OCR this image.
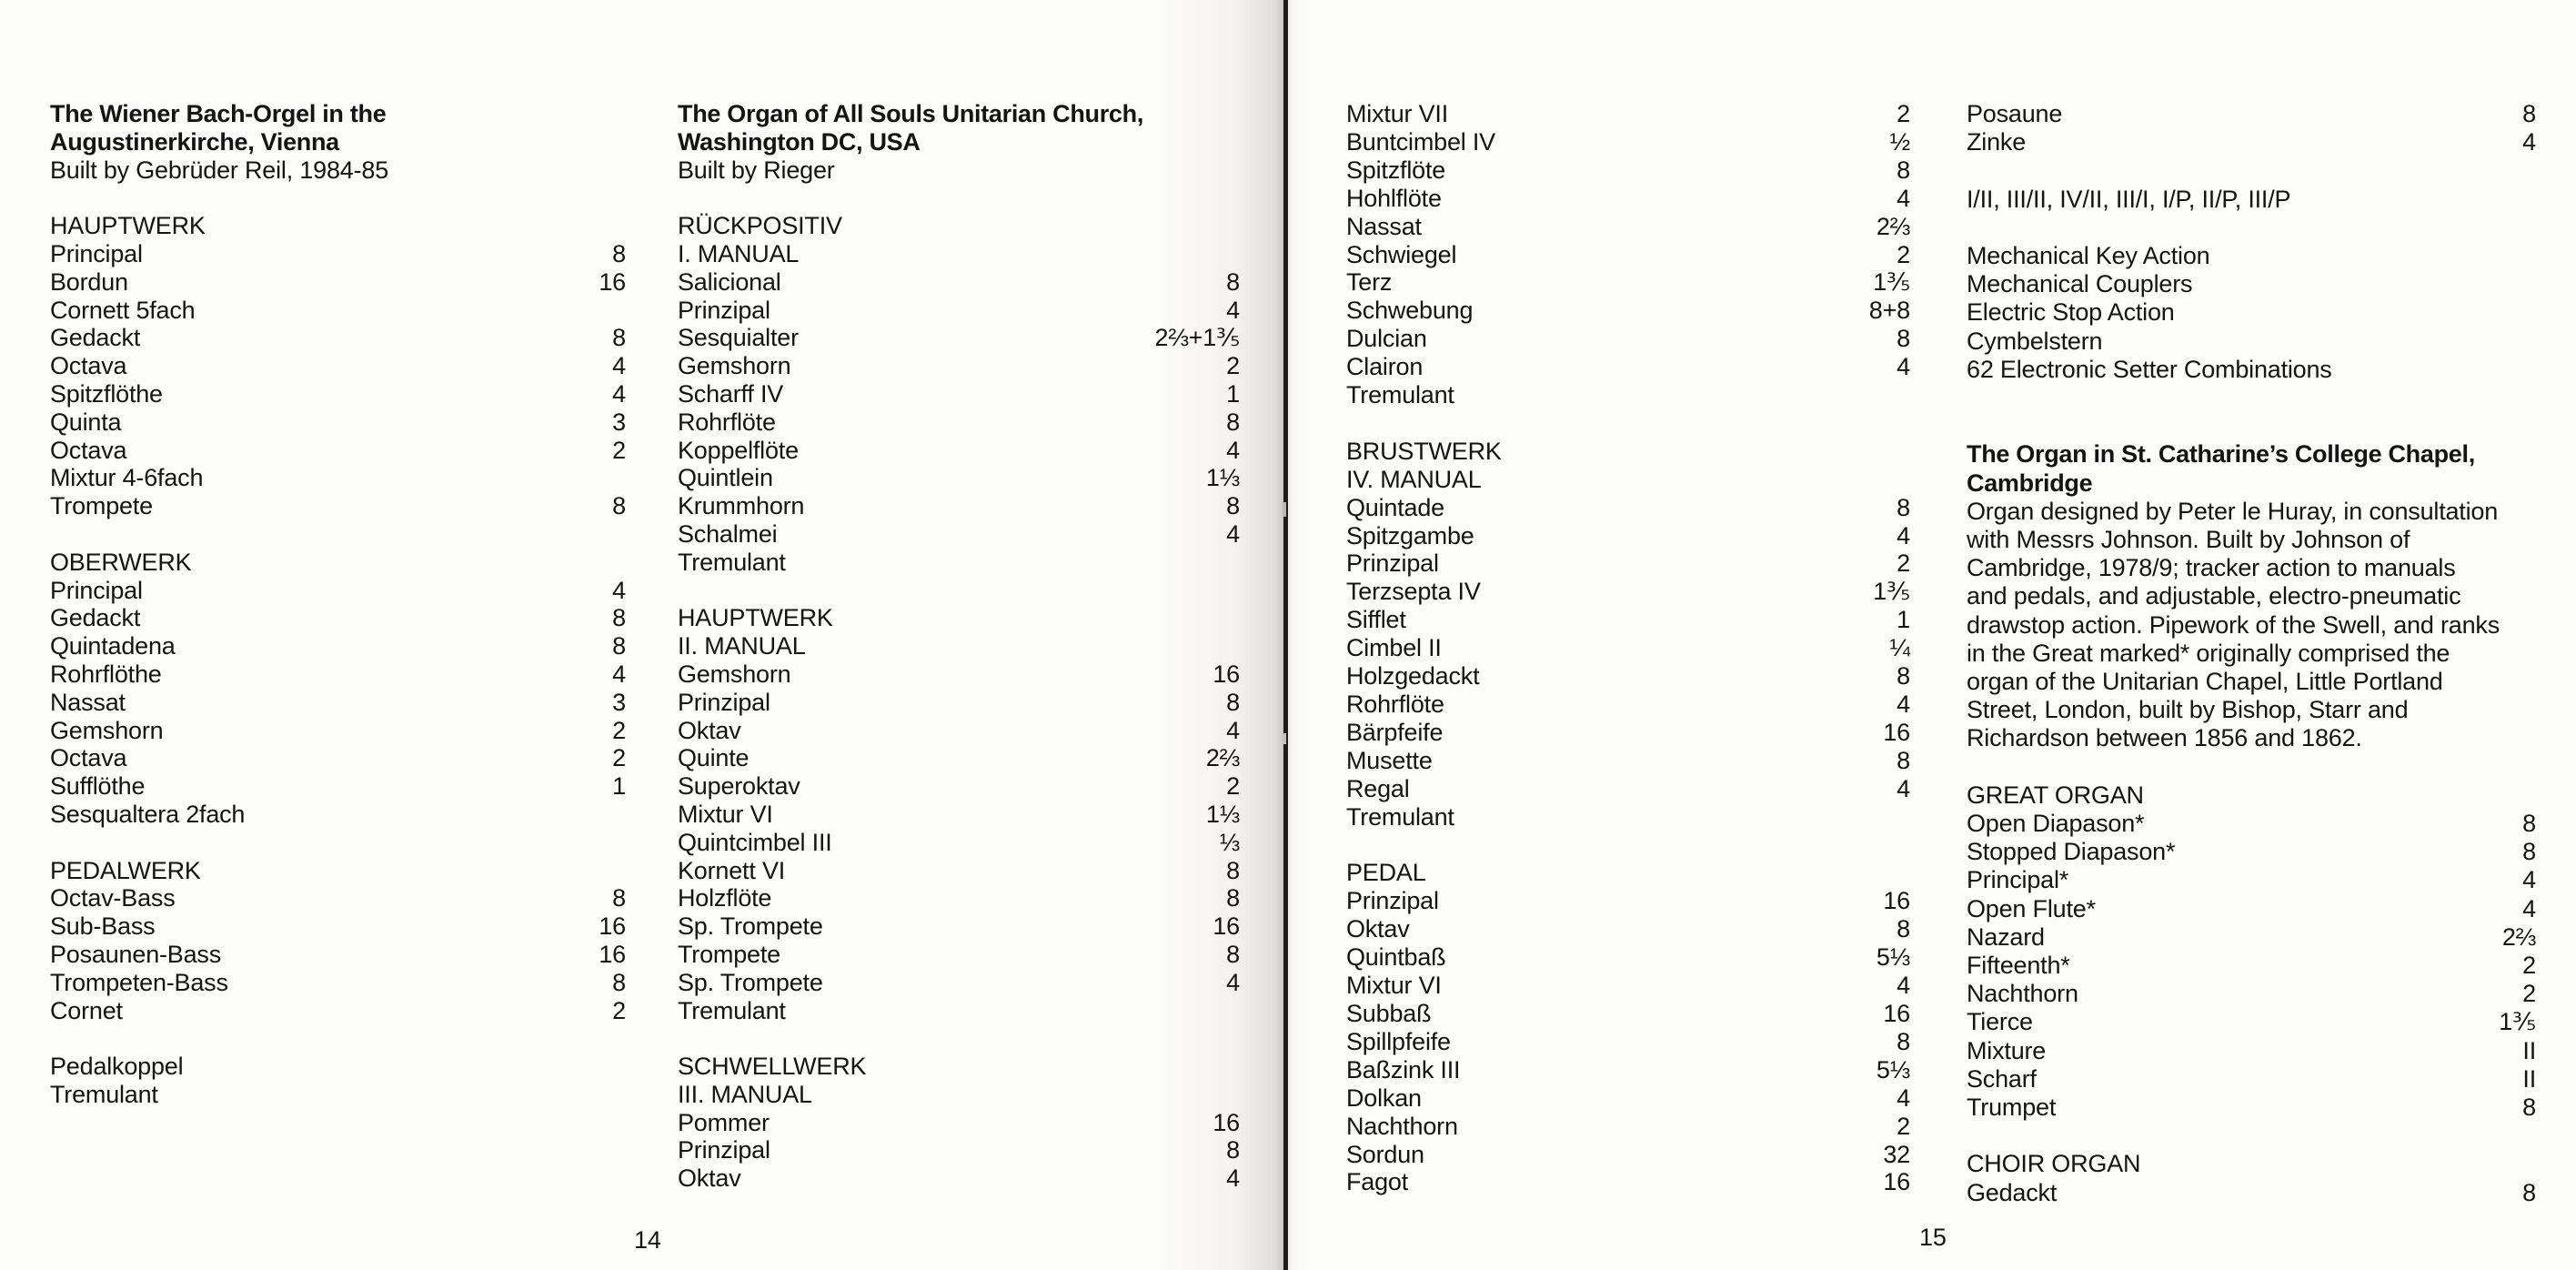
The Wiener Bach-Orgel in the
Augustinerkirche, Vienna
Built by Gebrüder Reil, 1984-85
HAUPTWERK
Principal	8
Bordun	16
Cornett 5fach
Gedackt	8
Octava	4
Spitzflöthe	4
Quinta	3
Octava	2
Mixtur 4-6fach
Trompete	8
OBERWERK
Principal	4
Gedackt	8
Quintadena	8
Rohrflöthe	4
Nassat	3
Gemshorn	2
Octava	2
Sufflöthe	1
Sesqualtera 2fach
PEDALWERK
Octav-Bass	8
Sub-Bass	16
Posaunen-Bass	16
Trompeten-Bass	8
Cornet	2
Pedalkoppel
Tremulant
The Organ of All Souls Unitarian Church,
Washington DC, USA
Built by Rieger
RÜCKPOSITIV
I. MANUAL
Salicional	8
Prinzipal	4
Sesquialter	2⅔+1⅗
Gemshorn	2
Scharff IV	1
Rohrflöte	8
Koppelflöte	4
Quintlein	1⅓
Krummhorn	8
Schalmei	4
Tremulant
HAUPTWERK
II. MANUAL
Gemshorn	16
Prinzipal	8
Oktav	4
Quinte	2⅔
Superoktav	2
Mixtur VI	1⅓
Quintcimbel III	⅓
Kornett VI	8
Holzflöte	8
Sp. Trompete	16
Trompete	8
Sp. Trompete	4
Tremulant
SCHWELLWERK
III. MANUAL
Pommer	16
Prinzipal	8
Oktav	4
Mixtur VII	2
Buntcimbel IV	½
Spitzflöte	8
Hohlflöte	4
Nassat	2⅔
Schwiegel	2
Terz	1⅗
Schwebung	8+8
Dulcian	8
Clairon	4
Tremulant
BRUSTWERK
IV. MANUAL
Quintade	8
Spitzgambe	4
Prinzipal	2
Terzsepta IV	1⅗
Sifflet	1
Cimbel II	¼
Holzgedackt	8
Rohrflöte	4
Bärpfeife	16
Musette	8
Regal	4
Tremulant
PEDAL
Prinzipal	16
Oktav	8
Quintbaß	5⅓
Mixtur VI	4
Subbaß	16
Spillpfeife	8
Baßzink III	5⅓
Dolkan	4
Nachthorn	2
Sordun	32
Fagot	16
Posaune	8
Zinke	4
I/II, III/II, IV/II, III/I, I/P, II/P, III/P
Mechanical Key Action
Mechanical Couplers
Electric Stop Action
Cymbelstern
62 Electronic Setter Combinations
The Organ in St. Catharine’s College Chapel,
Cambridge
Organ designed by Peter le Huray, in consultation
with Messrs Johnson. Built by Johnson of
Cambridge, 1978/9; tracker action to manuals
and pedals, and adjustable, electro-pneumatic
drawstop action. Pipework of the Swell, and ranks
in the Great marked* originally comprised the
organ of the Unitarian Chapel, Little Portland
Street, London, built by Bishop, Starr and
Richardson between 1856 and 1862.
GREAT ORGAN
Open Diapason*	8
Stopped Diapason*	8
Principal*	4
Open Flute*	4
Nazard	2⅔
Fifteenth*	2
Nachthorn	2
Tierce	1⅗
Mixture	II
Scharf	II
Trumpet	8
CHOIR ORGAN
Gedackt	8
14	15
